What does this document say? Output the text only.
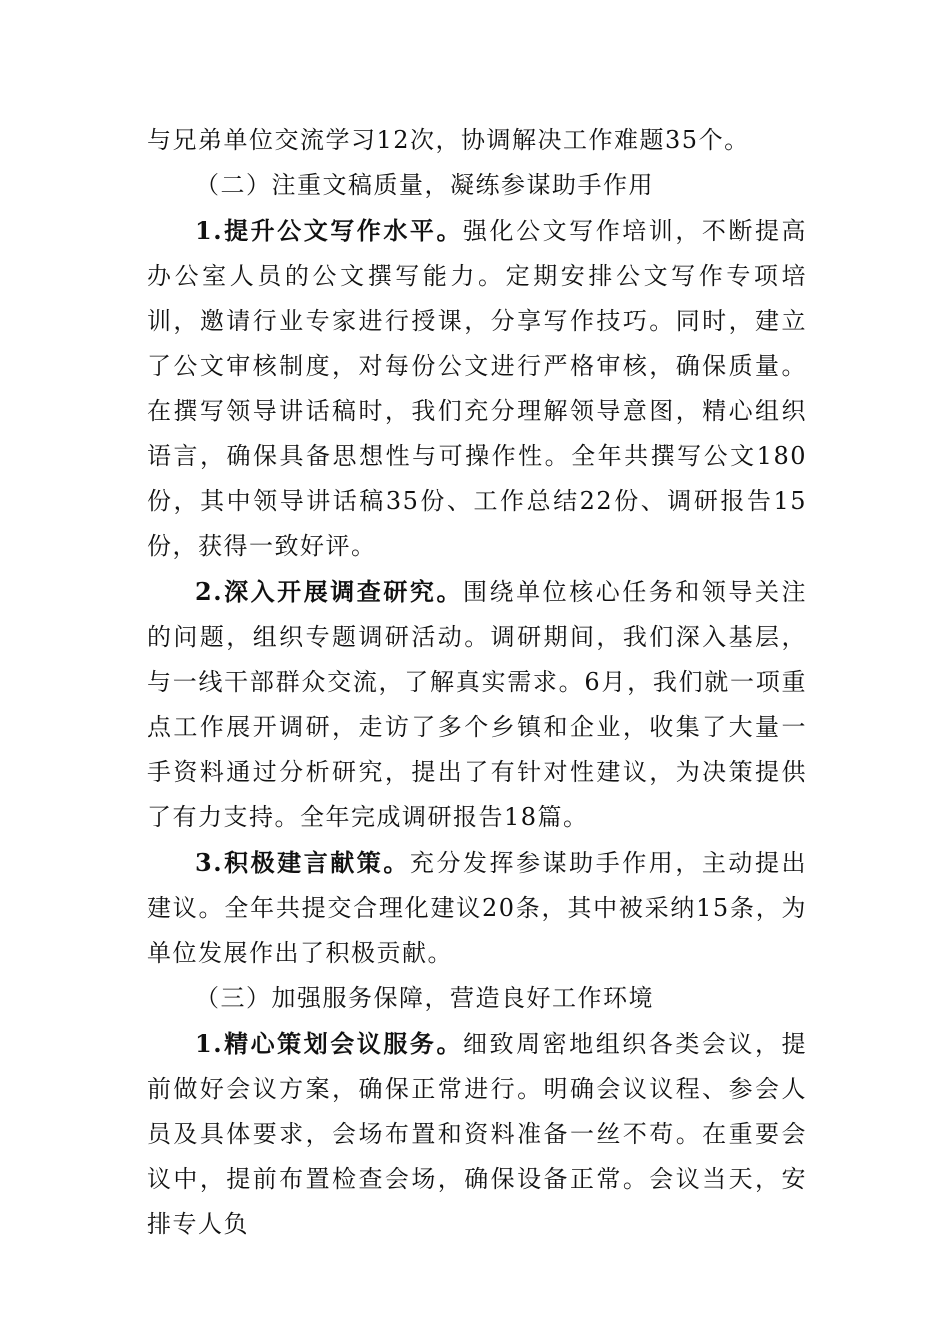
与兄弟单位交流学习12次，协调解决工作难题35个。

（二）注重文稿质量，凝练参谋助手作用

1.提升公文写作水平。强化公文写作培训，不断提高办公室人员的公文撰写能力。定期安排公文写作专项培训，邀请行业专家进行授课，分享写作技巧。同时，建立了公文审核制度，对每份公文进行严格审核，确保质量。在撰写领导讲话稿时，我们充分理解领导意图，精心组织语言，确保具备思想性与可操作性。全年共撰写公文180份，其中领导讲话稿35份、工作总结22份、调研报告15份，获得一致好评。

2.深入开展调查研究。围绕单位核心任务和领导关注的问题，组织专题调研活动。调研期间，我们深入基层，与一线干部群众交流，了解真实需求。6月，我们就一项重点工作展开调研，走访了多个乡镇和企业，收集了大量一手资料通过分析研究，提出了有针对性建议，为决策提供了有力支持。全年完成调研报告18篇。

3.积极建言献策。充分发挥参谋助手作用，主动提出建议。全年共提交合理化建议20条，其中被采纳15条，为单位发展作出了积极贡献。

（三）加强服务保障，营造良好工作环境

1.精心策划会议服务。细致周密地组织各类会议，提前做好会议方案，确保正常进行。明确会议议程、参会人员及具体要求，会场布置和资料准备一丝不苟。在重要会议中，提前布置检查会场，确保设备正常。会议当天，安排专人负
